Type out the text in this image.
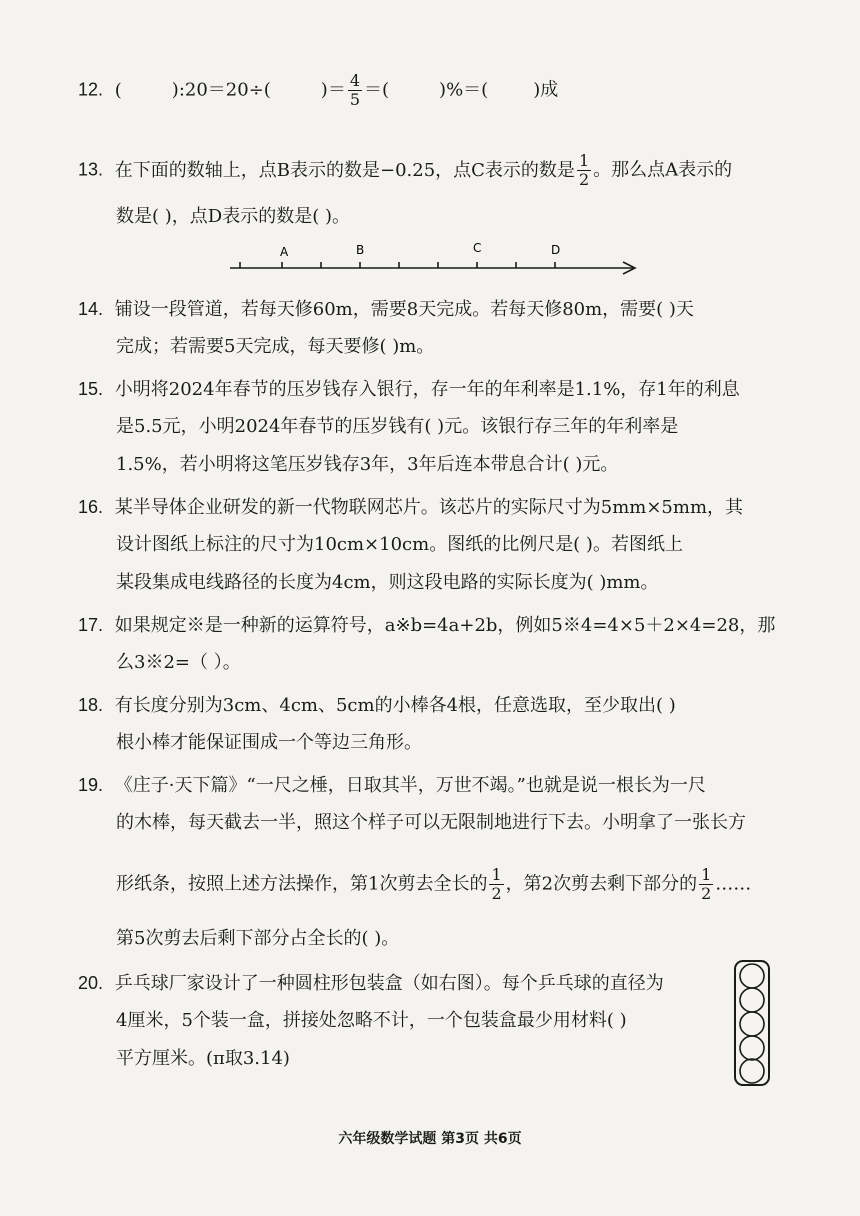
12. (	):20＝20÷(	)＝ $\frac{4}{5}$ ＝(	)%＝(	)成
13. 在下面的数轴上，点B表示的数是−0.25，点C表示的数是 $\frac{1}{2}$ 。那么点A表示的
数是( )，点D表示的数是( )。
A	B	C	D
14. 铺设一段管道，若每天修60m，需要8天完成。若每天修80m，需要( )天
完成；若需要5天完成，每天要修( )m。
15. 小明将2024年春节的压岁钱存入银行，存一年的年利率是1.1%，存1年的利息
是5.5元，小明2024年春节的压岁钱有( )元。该银行存三年的年利率是
1.5%，若小明将这笔压岁钱存3年，3年后连本带息合计( )元。
16. 某半导体企业研发的新一代物联网芯片。该芯片的实际尺寸为5mm×5mm，其
设计图纸上标注的尺寸为10cm×10cm。图纸的比例尺是( )。若图纸上
某段集成电线路径的长度为4cm，则这段电路的实际长度为( )mm。
17. 如果规定※是一种新的运算符号，a※b=4a+2b，例如5※4=4×5＋2×4=28，那
么3※2=（ ）。
18. 有长度分别为3cm、4cm、5cm的小棒各4根，任意选取，至少取出( )
根小棒才能保证围成一个等边三角形。
19. 《庄子·天下篇》“一尺之棰，日取其半，万世不竭。”也就是说一根长为一尺
的木棒，每天截去一半，照这个样子可以无限制地进行下去。小明拿了一张长方
形纸条，按照上述方法操作，第1次剪去全长的 $\frac{1}{2}$ ，第2次剪去剩下部分的 $\frac{1}{2}$ ……
第5次剪去后剩下部分占全长的( )。
20. 乒乓球厂家设计了一种圆柱形包装盒（如右图）。每个乒乓球的直径为
4厘米，5个装一盒，拼接处忽略不计，一个包装盒最少用材料( )
平方厘米。(π取3.14)
六年级数学试题 第3页 共6页
